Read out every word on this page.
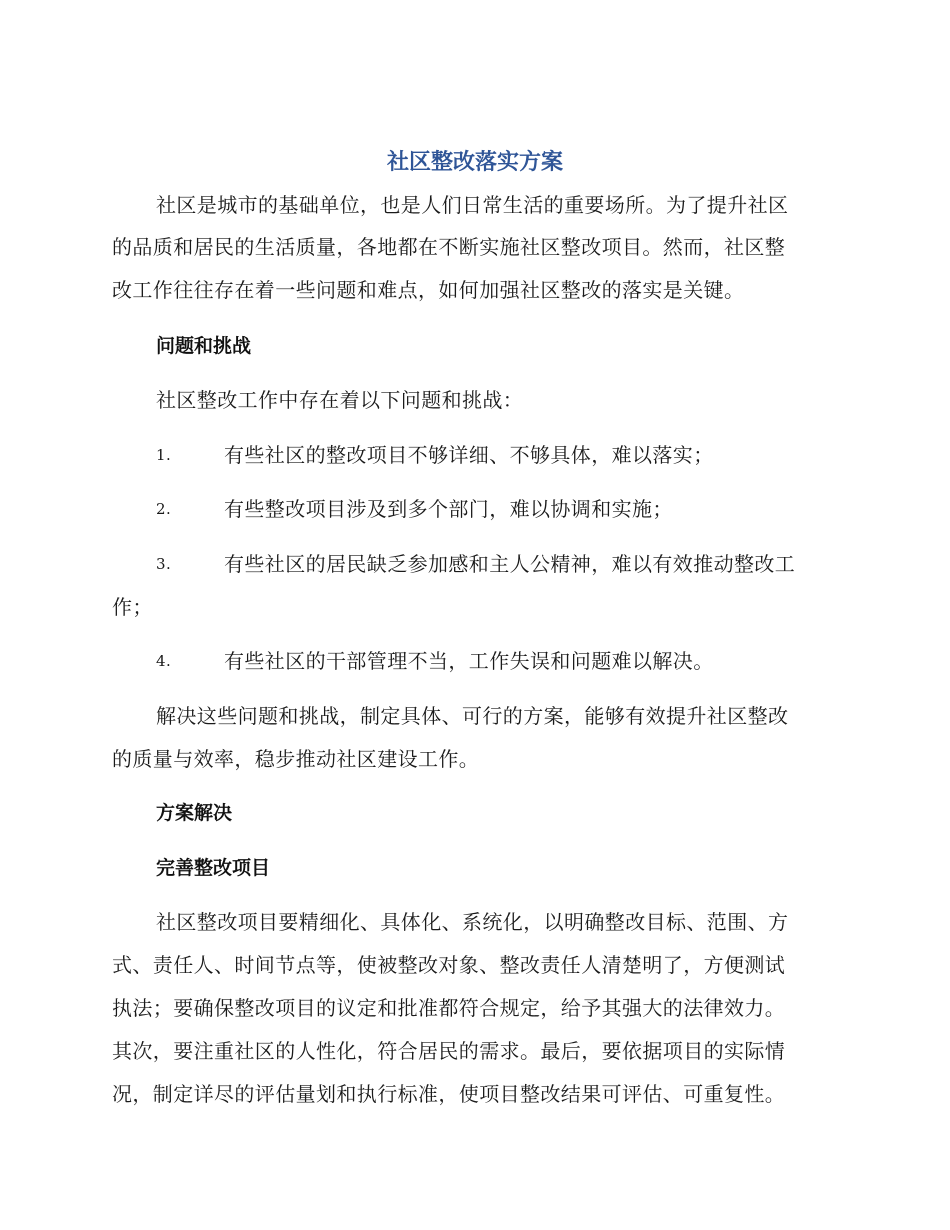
社区整改落实方案
社区是城市的基础单位，也是人们日常生活的重要场所。为了提升社区
的品质和居民的生活质量，各地都在不断实施社区整改项目。然而，社区整
改工作往往存在着一些问题和难点，如何加强社区整改的落实是关键。
问题和挑战
社区整改工作中存在着以下问题和挑战：
1.	有些社区的整改项目不够详细、不够具体，难以落实；
2.	有些整改项目涉及到多个部门，难以协调和实施；
3.	有些社区的居民缺乏参加感和主人公精神，难以有效推动整改工
作；
4.	有些社区的干部管理不当，工作失误和问题难以解决。
解决这些问题和挑战，制定具体、可行的方案，能够有效提升社区整改
的质量与效率，稳步推动社区建设工作。
方案解决
完善整改项目
社区整改项目要精细化、具体化、系统化，以明确整改目标、范围、方
式、责任人、时间节点等，使被整改对象、整改责任人清楚明了，方便测试
执法；要确保整改项目的议定和批准都符合规定，给予其强大的法律效力。
其次，要注重社区的人性化，符合居民的需求。最后，要依据项目的实际情
况，制定详尽的评估量划和执行标准，使项目整改结果可评估、可重复性。
